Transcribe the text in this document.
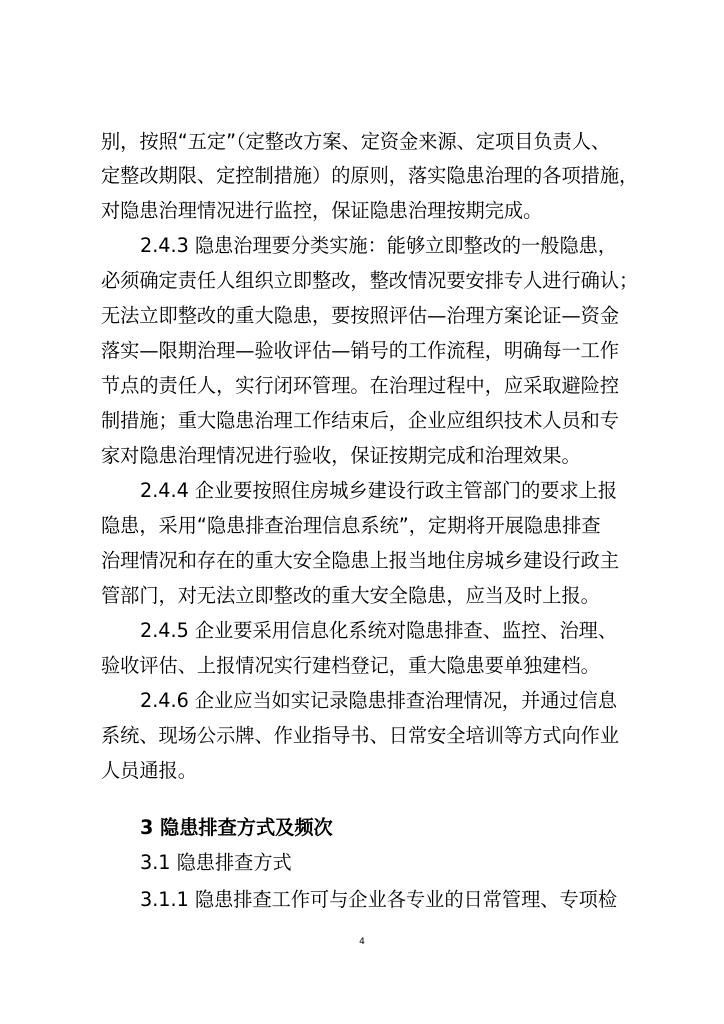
别，按照“五定”（定整改方案、定资金来源、定项目负责人、
定整改期限、定控制措施）的原则，落实隐患治理的各项措施，
对隐患治理情况进行监控，保证隐患治理按期完成。
2.4.3 隐患治理要分类实施：能够立即整改的一般隐患，
必须确定责任人组织立即整改，整改情况要安排专人进行确认；
无法立即整改的重大隐患，要按照评估—治理方案论证—资金
落实—限期治理—验收评估—销号的工作流程，明确每一工作
节点的责任人，实行闭环管理。在治理过程中，应采取避险控
制措施；重大隐患治理工作结束后，企业应组织技术人员和专
家对隐患治理情况进行验收，保证按期完成和治理效果。
2.4.4 企业要按照住房城乡建设行政主管部门的要求上报
隐患，采用“隐患排查治理信息系统”，定期将开展隐患排查
治理情况和存在的重大安全隐患上报当地住房城乡建设行政主
管部门，对无法立即整改的重大安全隐患，应当及时上报。
2.4.5 企业要采用信息化系统对隐患排查、监控、治理、
验收评估、上报情况实行建档登记，重大隐患要单独建档。
2.4.6 企业应当如实记录隐患排查治理情况，并通过信息
系统、现场公示牌、作业指导书、日常安全培训等方式向作业
人员通报。
3 隐患排查方式及频次
3.1 隐患排查方式
3.1.1 隐患排查工作可与企业各专业的日常管理、专项检
4
